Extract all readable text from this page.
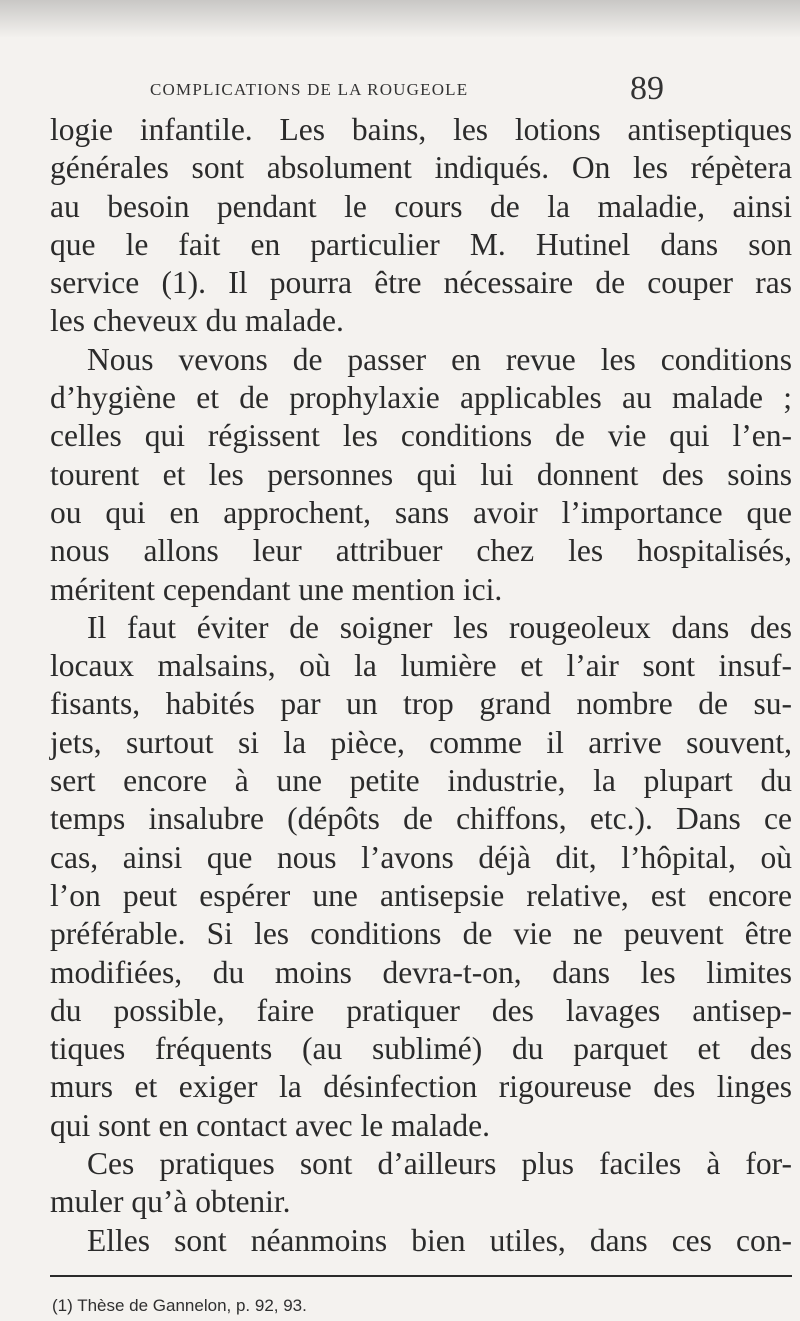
COMPLICATIONS DE LA ROUGEOLE	89
logie infantile. Les bains, les lotions antiseptiques
générales sont absolument indiqués. On les répètera
au besoin pendant le cours de la maladie, ainsi
que le fait en particulier M. Hutinel dans son
service (1). Il pourra être nécessaire de couper ras
les cheveux du malade.
Nous vevons de passer en revue les conditions
d’hygiène et de prophylaxie applicables au malade ;
celles qui régissent les conditions de vie qui l’en-
tourent et les personnes qui lui donnent des soins
ou qui en approchent, sans avoir l’importance que
nous allons leur attribuer chez les hospitalisés,
méritent cependant une mention ici.
Il faut éviter de soigner les rougeoleux dans des
locaux malsains, où la lumière et l’air sont insuf-
fisants, habités par un trop grand nombre de su-
jets, surtout si la pièce, comme il arrive souvent,
sert encore à une petite industrie, la plupart du
temps insalubre (dépôts de chiffons, etc.). Dans ce
cas, ainsi que nous l’avons déjà dit, l’hôpital, où
l’on peut espérer une antisepsie relative, est encore
préférable. Si les conditions de vie ne peuvent être
modifiées, du moins devra-t-on, dans les limites
du possible, faire pratiquer des lavages antisep-
tiques fréquents (au sublimé) du parquet et des
murs et exiger la désinfection rigoureuse des linges
qui sont en contact avec le malade.
Ces pratiques sont d’ailleurs plus faciles à for-
muler qu’à obtenir.
Elles sont néanmoins bien utiles, dans ces con-
(1) Thèse de Gannelon, p. 92, 93.
